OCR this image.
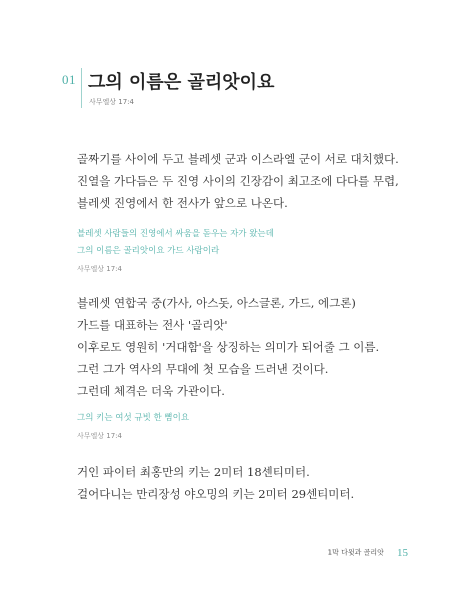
01 그의 이름은 골리앗이요
사무엘상 17:4

골짜기를 사이에 두고 블레셋 군과 이스라엘 군이 서로 대치했다.
진열을 가다듬은 두 진영 사이의 긴장감이 최고조에 다다를 무렵,
블레셋 진영에서 한 전사가 앞으로 나온다.

블레셋 사람들의 진영에서 싸움을 돋우는 자가 왔는데
그의 이름은 골리앗이요 가드 사람이라

사무엘상 17:4

블레셋 연합국 중(가사, 아스돗, 아스글론, 가드, 에그론)
가드를 대표하는 전사 '골리앗'
이후로도 영원히 '거대함'을 상징하는 의미가 되어줄 그 이름.
그런 그가 역사의 무대에 첫 모습을 드러낸 것이다.
그런데 체격은 더욱 가관이다.

그의 키는 여섯 규빗 한 뼘이요

사무엘상 17:4

거인 파이터 최홍만의 키는 2미터 18센티미터.
걸어다니는 만리장성 야오밍의 키는 2미터 29센티미터.

1막 다윗과 골리앗 15
